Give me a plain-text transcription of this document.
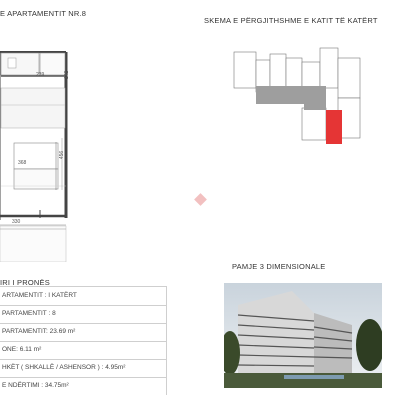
E APARTAMENTIT NR.8
239	142
456
368
330
SKEMA E PËRGJITHSHME E KATIT TË KATËRT
PAMJE 3 DIMENSIONALE
IRI I PRONËS
ARTAMENTIT : I KATËRT
PARTAMENTIT : 8
PARTAMENTIT: 23.69 m²
ONE: 6.11 m²
HKËT ( SHKALLË / ASHENSOR ) : 4.95m²
E NDËRTIMI : 34.75m²
